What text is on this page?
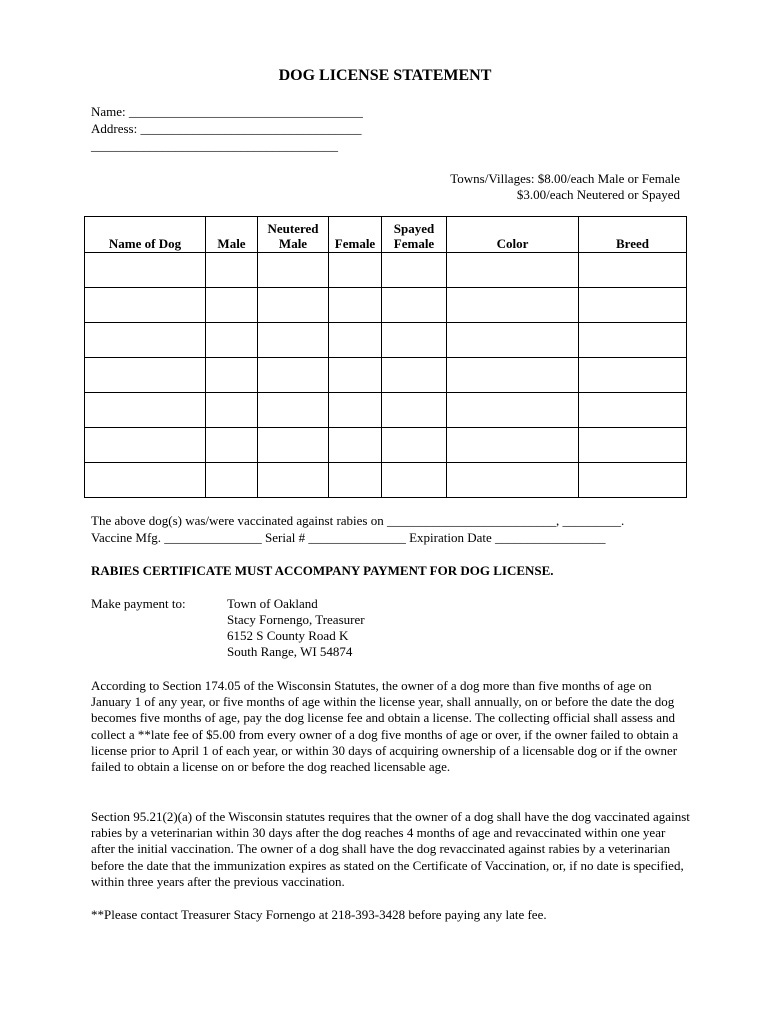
DOG LICENSE STATEMENT
Name: ____________________________________
Address: __________________________________
______________________________________
Towns/Villages: $8.00/each Male or Female
$3.00/each Neutered or Spayed
Name of Dog	Male	Neutered Male	Female	Spayed Female	Color	Breed

The above dog(s) was/were vaccinated against rabies on __________________________, _________.
Vaccine Mfg. _______________ Serial # _______________ Expiration Date _________________
RABIES CERTIFICATE MUST ACCOMPANY PAYMENT FOR DOG LICENSE.
Make payment to:	Town of Oakland
Stacy Fornengo, Treasurer
6152 S County Road K
South Range, WI 54874
According to Section 174.05 of the Wisconsin Statutes, the owner of a dog more than five months of age on January 1 of any year, or five months of age within the license year, shall annually, on or before the date the dog becomes five months of age, pay the dog license fee and obtain a license. The collecting official shall assess and collect a **late fee of $5.00 from every owner of a dog five months of age or over, if the owner failed to obtain a license prior to April 1 of each year, or within 30 days of acquiring ownership of a licensable dog or if the owner failed to obtain a license on or before the dog reached licensable age.
Section 95.21(2)(a) of the Wisconsin statutes requires that the owner of a dog shall have the dog vaccinated against rabies by a veterinarian within 30 days after the dog reaches 4 months of age and revaccinated within one year after the initial vaccination. The owner of a dog shall have the dog revaccinated against rabies by a veterinarian before the date that the immunization expires as stated on the Certificate of Vaccination, or, if no date is specified, within three years after the previous vaccination.
**Please contact Treasurer Stacy Fornengo at 218-393-3428 before paying any late fee.
